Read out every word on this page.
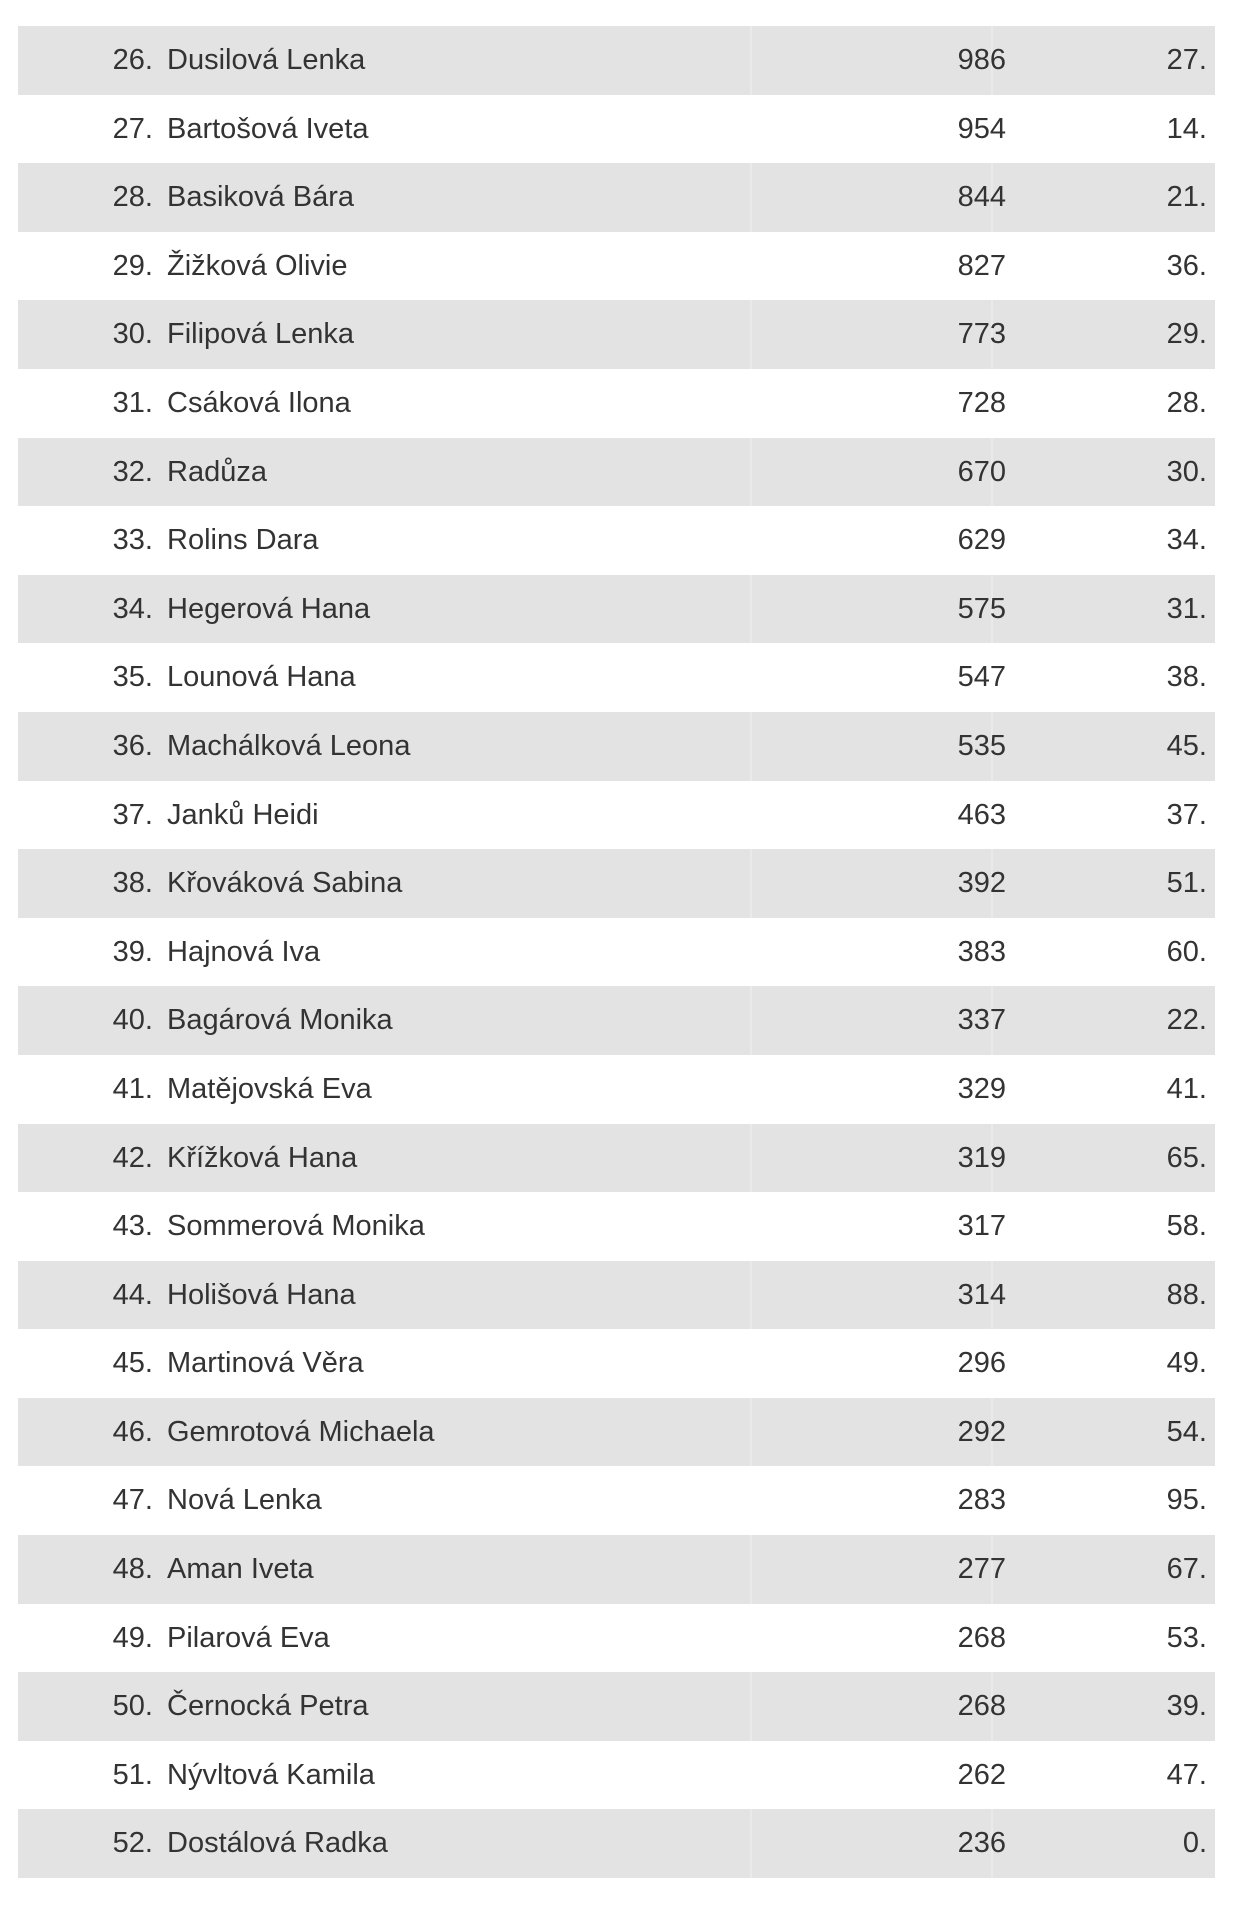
26. Dusilová Lenka	986	27.
27. Bartošová Iveta	954	14.
28. Basiková Bára	844	21.
29. Žižková Olivie	827	36.
30. Filipová Lenka	773	29.
31. Csáková Ilona	728	28.
32. Radůza	670	30.
33. Rolins Dara	629	34.
34. Hegerová Hana	575	31.
35. Lounová Hana	547	38.
36. Machálková Leona	535	45.
37. Janků Heidi	463	37.
38. Křováková Sabina	392	51.
39. Hajnová Iva	383	60.
40. Bagárová Monika	337	22.
41. Matějovská Eva	329	41.
42. Křížková Hana	319	65.
43. Sommerová Monika	317	58.
44. Holišová Hana	314	88.
45. Martinová Věra	296	49.
46. Gemrotová Michaela	292	54.
47. Nová Lenka	283	95.
48. Aman Iveta	277	67.
49. Pilarová Eva	268	53.
50. Černocká Petra	268	39.
51. Nývltová Kamila	262	47.
52. Dostálová Radka	236	0.
